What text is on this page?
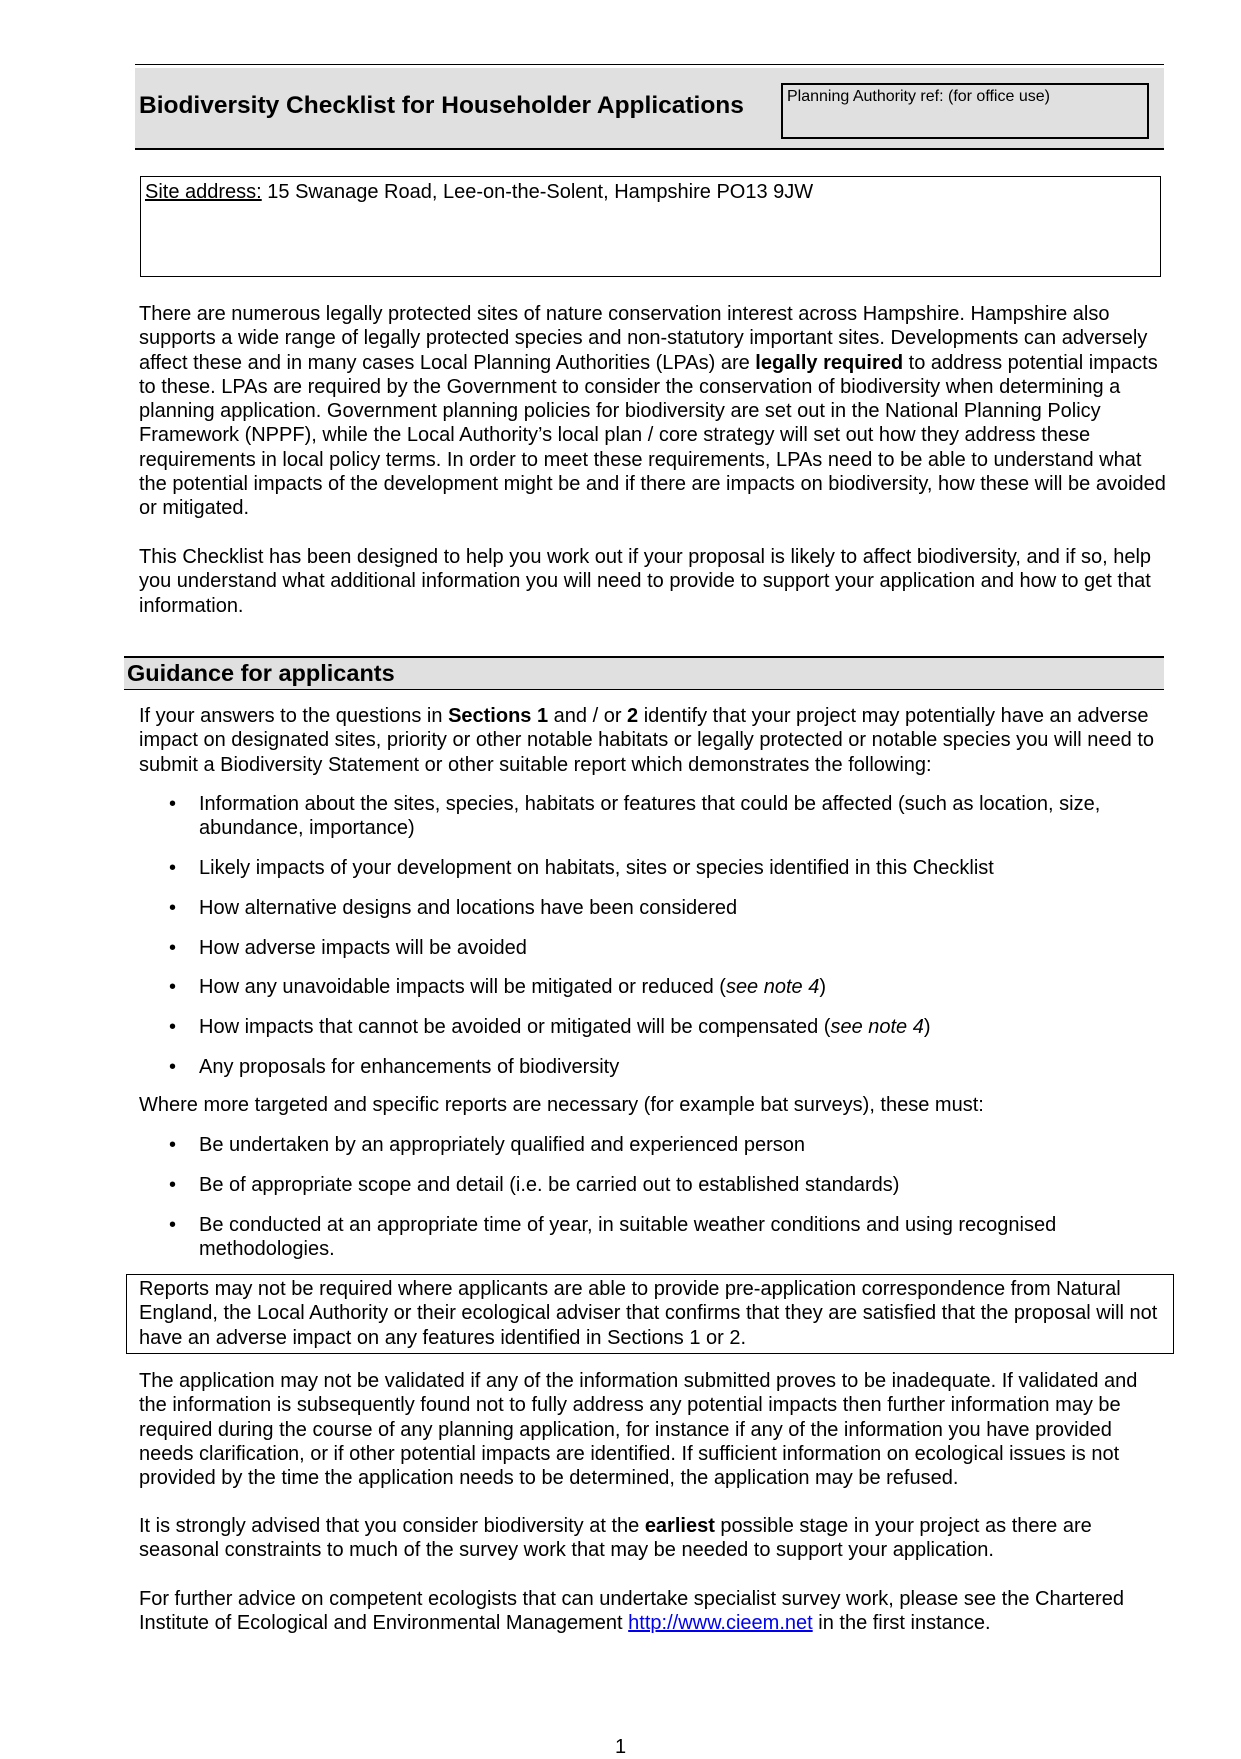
Biodiversity Checklist for Householder Applications	Planning Authority ref: (for office use)
Site address: 15 Swanage Road, Lee-on-the-Solent, Hampshire PO13 9JW
There are numerous legally protected sites of nature conservation interest across Hampshire. Hampshire also supports a wide range of legally protected species and non-statutory important sites. Developments can adversely affect these and in many cases Local Planning Authorities (LPAs) are legally required to address potential impacts to these. LPAs are required by the Government to consider the conservation of biodiversity when determining a planning application. Government planning policies for biodiversity are set out in the National Planning Policy Framework (NPPF), while the Local Authority’s local plan / core strategy will set out how they address these requirements in local policy terms. In order to meet these requirements, LPAs need to be able to understand what the potential impacts of the development might be and if there are impacts on biodiversity, how these will be avoided or mitigated.
This Checklist has been designed to help you work out if your proposal is likely to affect biodiversity, and if so, help you understand what additional information you will need to provide to support your application and how to get that information.
Guidance for applicants
If your answers to the questions in Sections 1 and / or 2 identify that your project may potentially have an adverse impact on designated sites, priority or other notable habitats or legally protected or notable species you will need to submit a Biodiversity Statement or other suitable report which demonstrates the following:
• Information about the sites, species, habitats or features that could be affected (such as location, size, abundance, importance)
• Likely impacts of your development on habitats, sites or species identified in this Checklist
• How alternative designs and locations have been considered
• How adverse impacts will be avoided
• How any unavoidable impacts will be mitigated or reduced (see note 4)
• How impacts that cannot be avoided or mitigated will be compensated (see note 4)
• Any proposals for enhancements of biodiversity
Where more targeted and specific reports are necessary (for example bat surveys), these must:
• Be undertaken by an appropriately qualified and experienced person
• Be of appropriate scope and detail (i.e. be carried out to established standards)
• Be conducted at an appropriate time of year, in suitable weather conditions and using recognised methodologies.
Reports may not be required where applicants are able to provide pre-application correspondence from Natural England, the Local Authority or their ecological adviser that confirms that they are satisfied that the proposal will not have an adverse impact on any features identified in Sections 1 or 2.
The application may not be validated if any of the information submitted proves to be inadequate. If validated and the information is subsequently found not to fully address any potential impacts then further information may be required during the course of any planning application, for instance if any of the information you have provided needs clarification, or if other potential impacts are identified. If sufficient information on ecological issues is not provided by the time the application needs to be determined, the application may be refused.
It is strongly advised that you consider biodiversity at the earliest possible stage in your project as there are seasonal constraints to much of the survey work that may be needed to support your application.
For further advice on competent ecologists that can undertake specialist survey work, please see the Chartered Institute of Ecological and Environmental Management http://www.cieem.net in the first instance.
1
